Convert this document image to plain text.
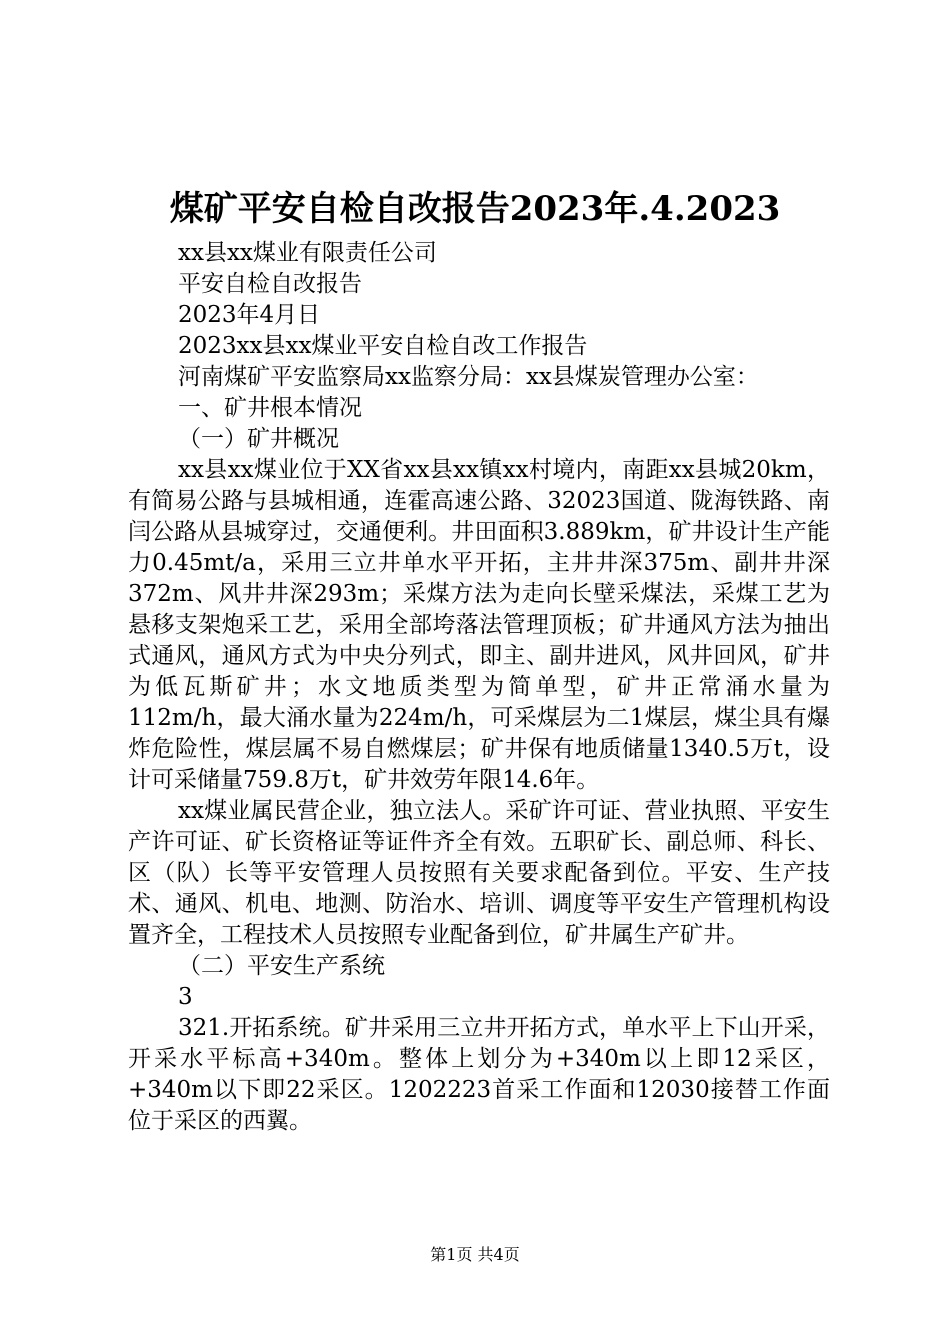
煤矿平安自检自改报告2023年.4.2023

xx县xx煤业有限责任公司

平安自检自改报告

2023年4月日

2023xx县xx煤业平安自检自改工作报告

河南煤矿平安监察局xx监察分局：xx县煤炭管理办公室：

一、矿井根本情况

（一）矿井概况

xx县xx煤业位于XX省xx县xx镇xx村境内，南距xx县城20km，有简易公路与县城相通，连霍高速公路、32023国道、陇海铁路、南闫公路从县城穿过，交通便利。井田面积3.889km，矿井设计生产能力0.45mt/a，采用三立井单水平开拓，主井井深375m、副井井深372m、风井井深293m；采煤方法为走向长壁采煤法，采煤工艺为悬移支架炮采工艺，采用全部垮落法管理顶板；矿井通风方法为抽出式通风，通风方式为中央分列式，即主、副井进风，风井回风，矿井为低瓦斯矿井；水文地质类型为简单型，矿井正常涌水量为112m/h，最大涌水量为224m/h，可采煤层为二1煤层，煤尘具有爆炸危险性，煤层属不易自燃煤层；矿井保有地质储量1340.5万t，设计可采储量759.8万t，矿井效劳年限14.6年。

xx煤业属民营企业，独立法人。采矿许可证、营业执照、平安生产许可证、矿长资格证等证件齐全有效。五职矿长、副总师、科长、区（队）长等平安管理人员按照有关要求配备到位。平安、生产技术、通风、机电、地测、防治水、培训、调度等平安生产管理机构设置齐全，工程技术人员按照专业配备到位，矿井属生产矿井。

（二）平安生产系统

3

321.开拓系统。矿井采用三立井开拓方式，单水平上下山开采，开采水平标高+340m。整体上划分为+340m以上即12采区，+340m以下即22采区。1202223首采工作面和12030接替工作面位于采区的西翼。

第1页 共4页
